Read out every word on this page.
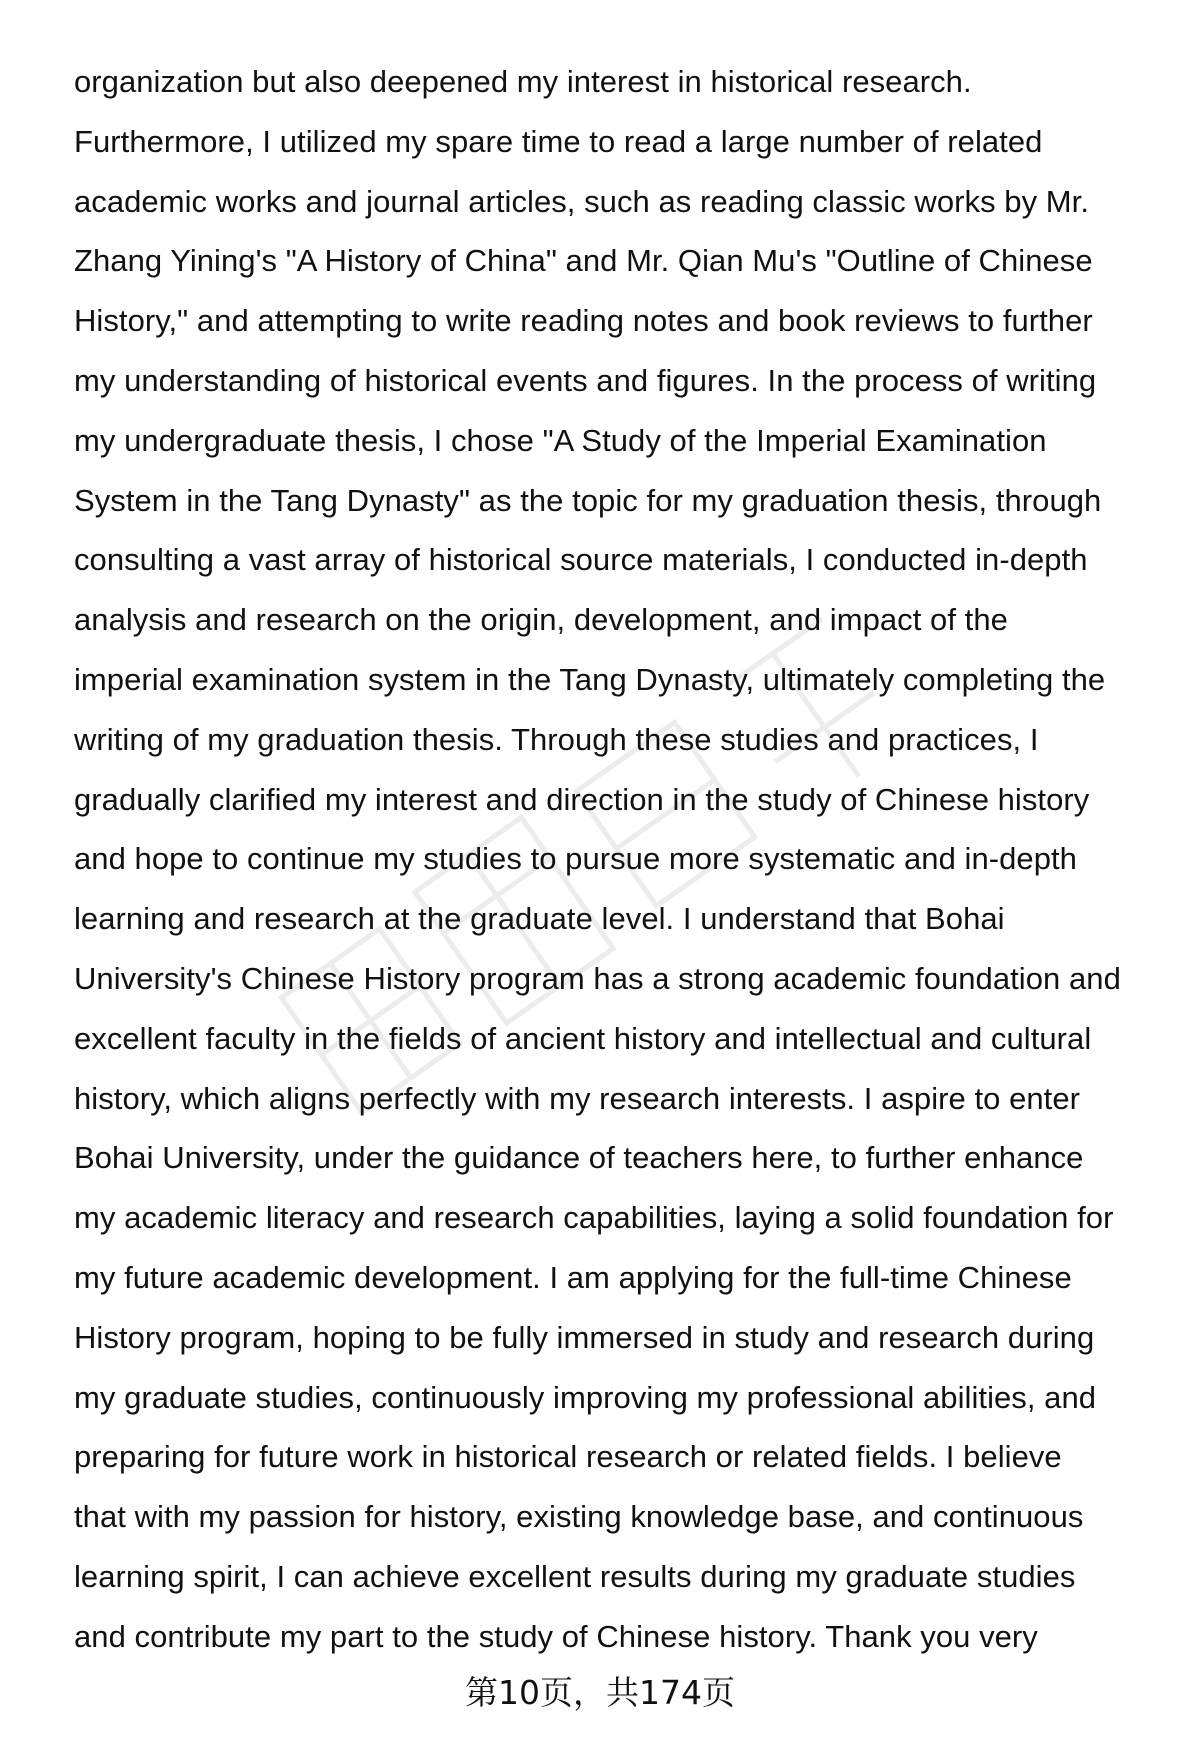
organization but also deepened my interest in historical research.
Furthermore, I utilized my spare time to read a large number of related
academic works and journal articles, such as reading classic works by Mr.
Zhang Yining's "A History of China" and Mr. Qian Mu's "Outline of Chinese
History," and attempting to write reading notes and book reviews to further
my understanding of historical events and figures. In the process of writing
my undergraduate thesis, I chose "A Study of the Imperial Examination
System in the Tang Dynasty" as the topic for my graduation thesis, through
consulting a vast array of historical source materials, I conducted in-depth
analysis and research on the origin, development, and impact of the
imperial examination system in the Tang Dynasty, ultimately completing the
writing of my graduation thesis. Through these studies and practices, I
gradually clarified my interest and direction in the study of Chinese history
and hope to continue my studies to pursue more systematic and in-depth
learning and research at the graduate level. I understand that Bohai
University's Chinese History program has a strong academic foundation and
excellent faculty in the fields of ancient history and intellectual and cultural
history, which aligns perfectly with my research interests. I aspire to enter
Bohai University, under the guidance of teachers here, to further enhance
my academic literacy and research capabilities, laying a solid foundation for
my future academic development. I am applying for the full-time Chinese
History program, hoping to be fully immersed in study and research during
my graduate studies, continuously improving my professional abilities, and
preparing for future work in historical research or related fields. I believe
that with my passion for history, existing knowledge base, and continuous
learning spirit, I can achieve excellent results during my graduate studies
and contribute my part to the study of Chinese history. Thank you very
第10页，共174页
